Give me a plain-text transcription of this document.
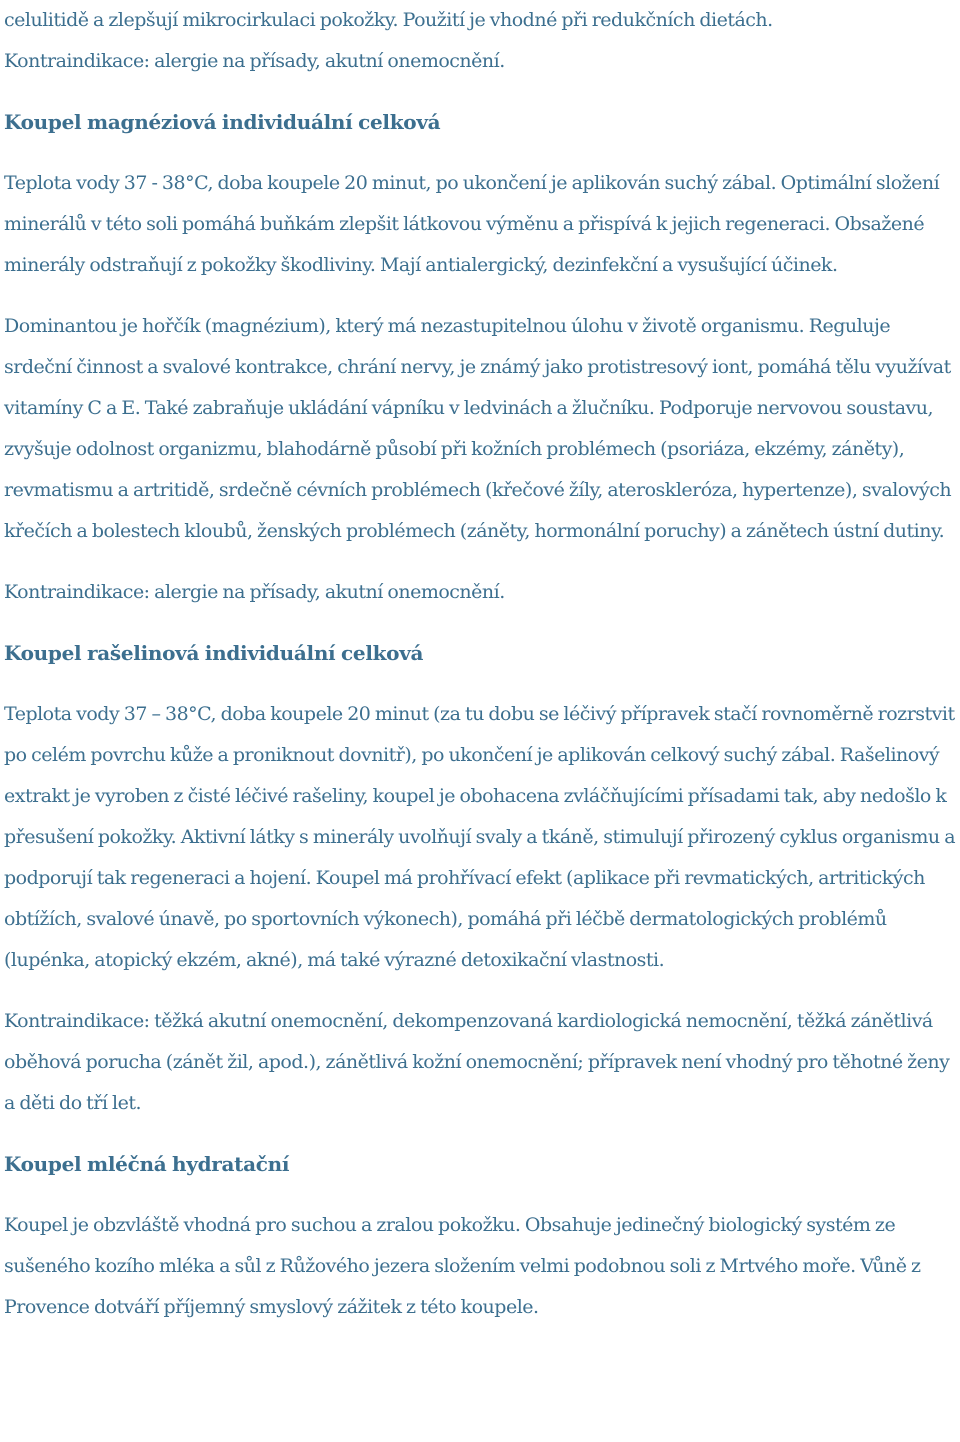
celulitidě a zlepšují mikrocirkulaci pokožky. Použití je vhodné při redukčních dietách.

Kontraindikace: alergie na přísady, akutní onemocnění.

Koupel magnéziová individuální celková

Teplota vody 37 - 38°C, doba koupele 20 minut, po ukončení je aplikován suchý zábal. Optimální složení minerálů v této soli pomáhá buňkám zlepšit látkovou výměnu a přispívá k jejich regeneraci. Obsažené minerály odstraňují z pokožky škodliviny. Mají antialergický, dezinfekční a vysušující účinek.

Dominantou je hořčík (magnézium), který má nezastupitelnou úlohu v životě organismu. Reguluje srdeční činnost a svalové kontrakce, chrání nervy, je známý jako protistresový iont, pomáhá tělu využívat vitamíny C a E. Také zabraňuje ukládání vápníku v ledvinách a žlučníku. Podporuje nervovou soustavu, zvyšuje odolnost organizmu, blahodárně působí při kožních problémech (psoriáza, ekzémy, záněty), revmatismu a artritidě, srdečně cévních problémech (křečové žíly, ateroskleróza, hypertenze), svalových křečích a bolestech kloubů, ženských problémech (záněty, hormonální poruchy) a zánětech ústní dutiny.

Kontraindikace: alergie na přísady, akutní onemocnění.

Koupel rašelinová individuální celková

Teplota vody 37 – 38°C, doba koupele 20 minut (za tu dobu se léčivý přípravek stačí rovnoměrně rozrstvit po celém povrchu kůže a proniknout dovnitř), po ukončení je aplikován celkový suchý zábal. Rašelinový extrakt je vyroben z čisté léčivé rašeliny, koupel je obohacena zvláčňujícími přísadami tak, aby nedošlo k přesušení pokožky. Aktivní látky s minerály uvolňují svaly a tkáně, stimulují přirozený cyklus organismu a podporují tak regeneraci a hojení. Koupel má prohřívací efekt (aplikace při revmatických, artritických obtížích, svalové únavě, po sportovních výkonech), pomáhá při léčbě dermatologických problémů (lupénka, atopický ekzém, akné), má také výrazné detoxikační vlastnosti.

Kontraindikace: těžká akutní onemocnění, dekompenzovaná kardiologická nemocnění, těžká zánětlivá oběhová porucha (zánět žil, apod.), zánětlivá kožní onemocnění; přípravek není vhodný pro těhotné ženy a děti do tří let.

Koupel mléčná hydratační

Koupel je obzvláště vhodná pro suchou a zralou pokožku. Obsahuje jedinečný biologický systém ze sušeného kozího mléka a sůl z Růžového jezera složením velmi podobnou soli z Mrtvého moře. Vůně z Provence dotváří příjemný smyslový zážitek z této koupele.
